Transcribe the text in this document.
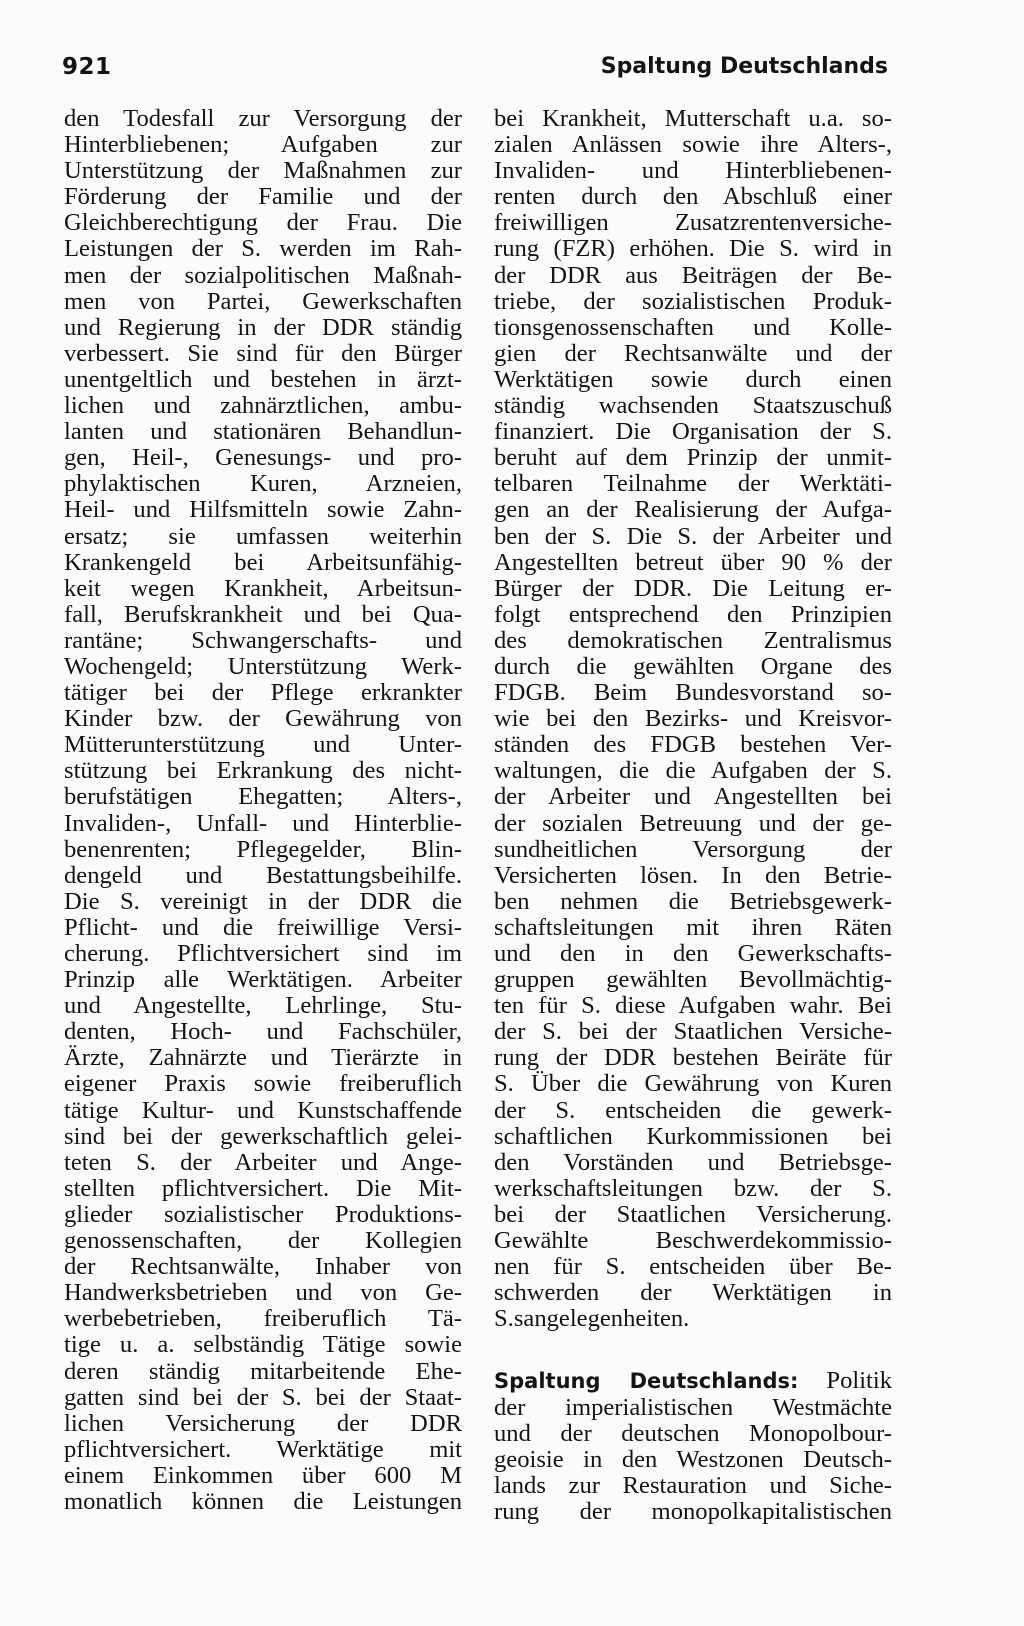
921	Spaltung Deutschlands
den Todesfall zur Versorgung der
Hinterbliebenen; Aufgaben zur
Unterstützung der Maßnahmen zur
Förderung der Familie und der
Gleichberechtigung der Frau. Die
Leistungen der S. werden im Rah-
men der sozialpolitischen Maßnah-
men von Partei, Gewerkschaften
und Regierung in der DDR ständig
verbessert. Sie sind für den Bürger
unentgeltlich und bestehen in ärzt-
lichen und zahnärztlichen, ambu-
lanten und stationären Behandlun-
gen, Heil-, Genesungs- und pro-
phylaktischen Kuren, Arzneien,
Heil- und Hilfsmitteln sowie Zahn-
ersatz; sie umfassen weiterhin
Krankengeld bei Arbeitsunfähig-
keit wegen Krankheit, Arbeitsun-
fall, Berufskrankheit und bei Qua-
rantäne; Schwangerschafts- und
Wochengeld; Unterstützung Werk-
tätiger bei der Pflege erkrankter
Kinder bzw. der Gewährung von
Mütterunterstützung und Unter-
stützung bei Erkrankung des nicht-
berufstätigen Ehegatten; Alters-,
Invaliden-, Unfall- und Hinterblie-
benenrenten; Pflegegelder, Blin-
dengeld und Bestattungsbeihilfe.
Die S. vereinigt in der DDR die
Pflicht- und die freiwillige Versi-
cherung. Pflichtversichert sind im
Prinzip alle Werktätigen. Arbeiter
und Angestellte, Lehrlinge, Stu-
denten, Hoch- und Fachschüler,
Ärzte, Zahnärzte und Tierärzte in
eigener Praxis sowie freiberuflich
tätige Kultur- und Kunstschaffende
sind bei der gewerkschaftlich gelei-
teten S. der Arbeiter und Ange-
stellten pflichtversichert. Die Mit-
glieder sozialistischer Produktions-
genossenschaften, der Kollegien
der Rechtsanwälte, Inhaber von
Handwerksbetrieben und von Ge-
werbebetrieben, freiberuflich Tä-
tige u. a. selbständig Tätige sowie
deren ständig mitarbeitende Ehe-
gatten sind bei der S. bei der Staat-
lichen Versicherung der DDR
pflichtversichert. Werktätige mit
einem Einkommen über 600 M
monatlich können die Leistungen
bei Krankheit, Mutterschaft u.a. so-
zialen Anlässen sowie ihre Alters-,
Invaliden- und Hinterbliebenen-
renten durch den Abschluß einer
freiwilligen Zusatzrentenversiche-
rung (FZR) erhöhen. Die S. wird in
der DDR aus Beiträgen der Be-
triebe, der sozialistischen Produk-
tionsgenossenschaften und Kolle-
gien der Rechtsanwälte und der
Werktätigen sowie durch einen
ständig wachsenden Staatszuschuß
finanziert. Die Organisation der S.
beruht auf dem Prinzip der unmit-
telbaren Teilnahme der Werktäti-
gen an der Realisierung der Aufga-
ben der S. Die S. der Arbeiter und
Angestellten betreut über 90 % der
Bürger der DDR. Die Leitung er-
folgt entsprechend den Prinzipien
des demokratischen Zentralismus
durch die gewählten Organe des
FDGB. Beim Bundesvorstand so-
wie bei den Bezirks- und Kreisvor-
ständen des FDGB bestehen Ver-
waltungen, die die Aufgaben der S.
der Arbeiter und Angestellten bei
der sozialen Betreuung und der ge-
sundheitlichen Versorgung der
Versicherten lösen. In den Betrie-
ben nehmen die Betriebsgewerk-
schaftsleitungen mit ihren Räten
und den in den Gewerkschafts-
gruppen gewählten Bevollmächtig-
ten für S. diese Aufgaben wahr. Bei
der S. bei der Staatlichen Versiche-
rung der DDR bestehen Beiräte für
S. Über die Gewährung von Kuren
der S. entscheiden die gewerk-
schaftlichen Kurkommissionen bei
den Vorständen und Betriebsge-
werkschaftsleitungen bzw. der S.
bei der Staatlichen Versicherung.
Gewählte Beschwerdekommissio-
nen für S. entscheiden über Be-
schwerden der Werktätigen in
S.sangelegenheiten.
Spaltung Deutschlands: Politik
der imperialistischen Westmächte
und der deutschen Monopolbour-
geoisie in den Westzonen Deutsch-
lands zur Restauration und Siche-
rung der monopolkapitalistischen
